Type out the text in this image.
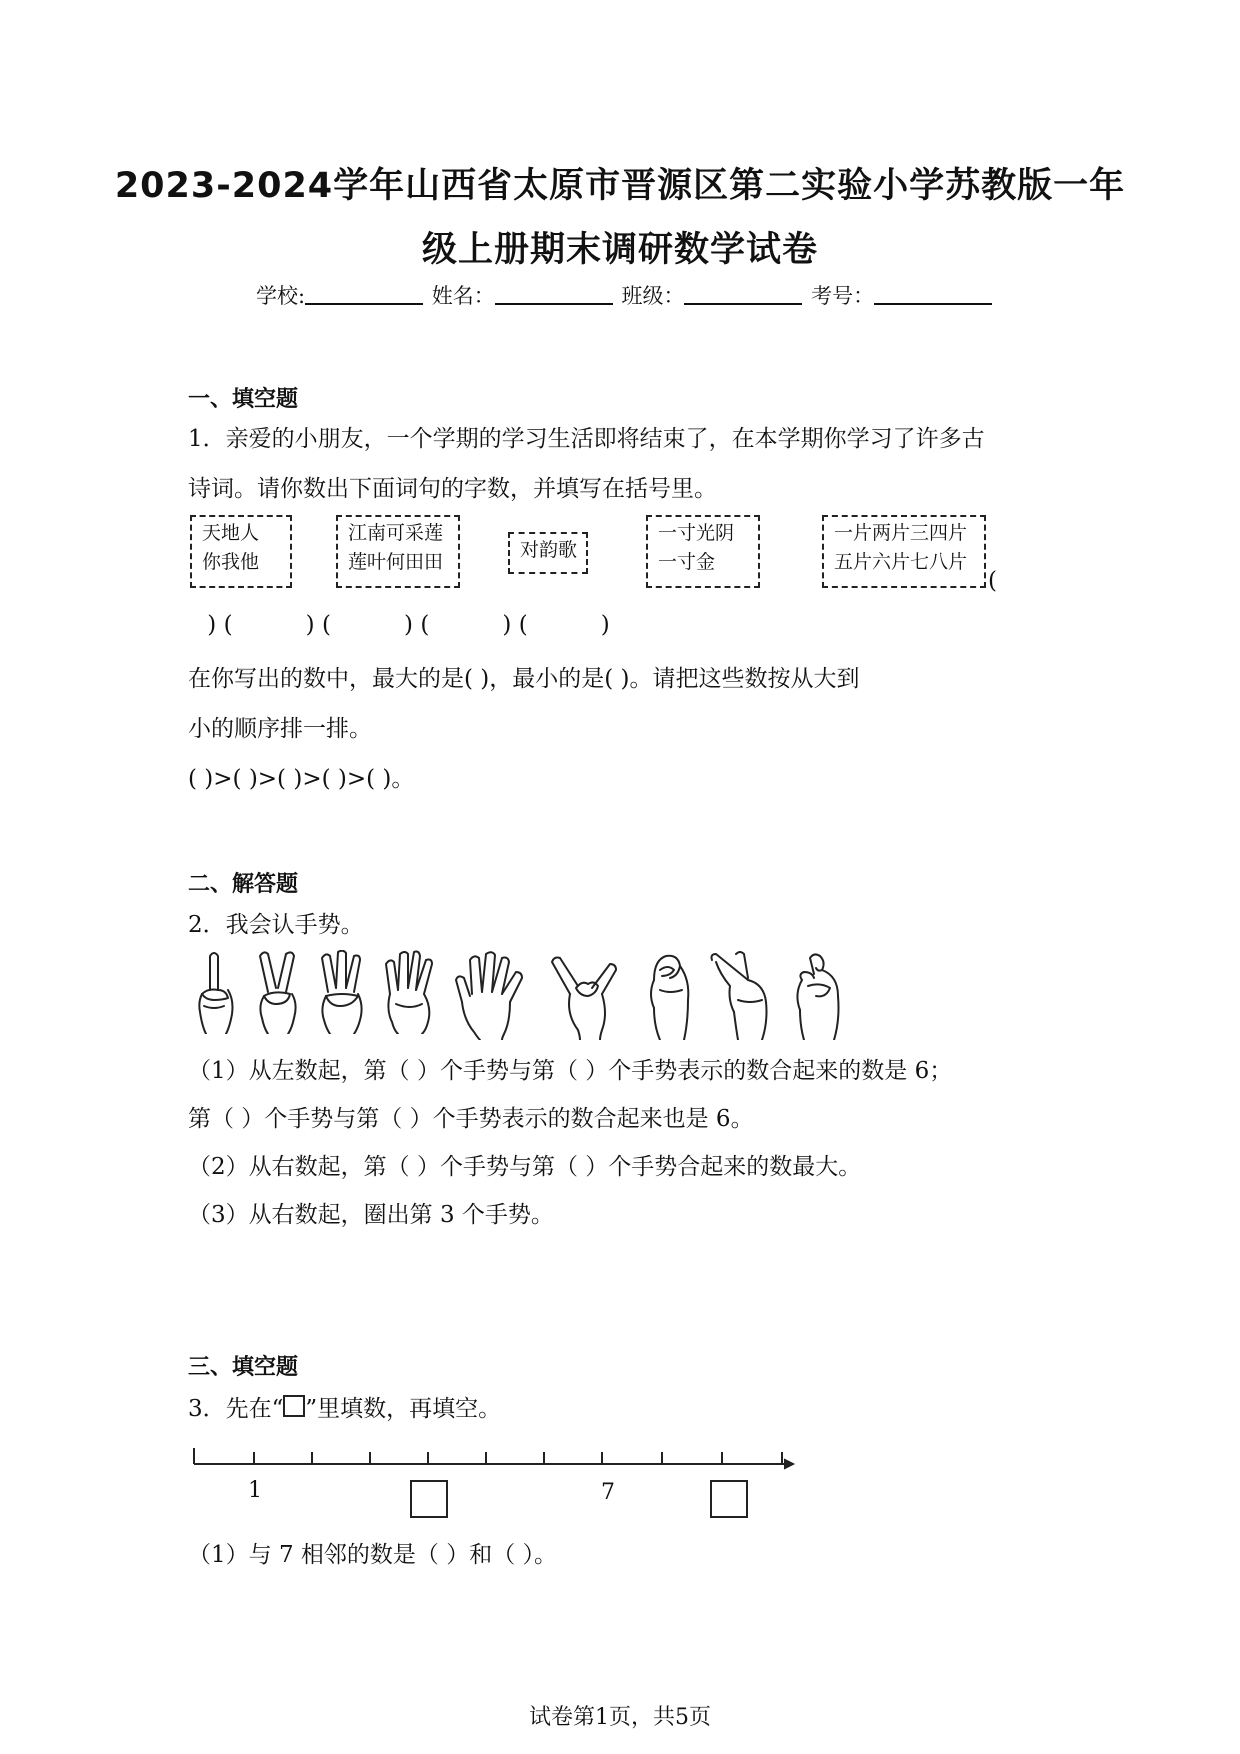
2023-2024学年山西省太原市晋源区第二实验小学苏教版一年
级上册期末调研数学试卷
学校:	姓名：	班级：	考号：
一、填空题
1．亲爱的小朋友，一个学期的学习生活即将结束了，在本学期你学习了许多古
诗词。请你数出下面词句的字数，并填写在括号里。
天地人
你我他
江南可采莲
莲叶何田田
对韵歌
一寸光阴
一寸金
一片两片三四片
五片六片七八片
(
) (          ) (          ) (          ) (          )
在你写出的数中，最大的是( )，最小的是( )。请把这些数按从大到
小的顺序排一排。
( )>( )>( )>( )>( )。
二、解答题
2．我会认手势。
（1）从左数起，第（ ）个手势与第（ ）个手势表示的数合起来的数是 6；
第（ ）个手势与第（ ）个手势表示的数合起来也是 6。
（2）从右数起，第（ ）个手势与第（ ）个手势合起来的数最大。
（3）从右数起，圈出第 3 个手势。
三、填空题
3．先在“ ”里填数，再填空。
1	7
（1）与 7 相邻的数是（ ）和（ ）。
试卷第1页，共5页
